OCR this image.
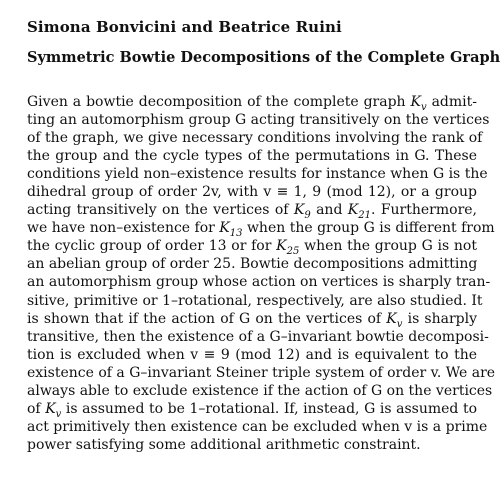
Simona Bonvicini and Beatrice Ruini
Symmetric Bowtie Decompositions of the Complete Graph
Given a bowtie decomposition of the complete graph $K_v$ admit-
ting an automorphism group G acting transitively on the vertices
of the graph, we give necessary conditions involving the rank of
the group and the cycle types of the permutations in G. These
conditions yield non–existence results for instance when G is the
dihedral group of order 2v, with v ≡ 1, 9 (mod 12), or a group
acting transitively on the vertices of $K_9$ and $K_{21}$. Furthermore,
we have non–existence for $K_{13}$ when the group G is different from
the cyclic group of order 13 or for $K_{25}$ when the group G is not
an abelian group of order 25. Bowtie decompositions admitting
an automorphism group whose action on vertices is sharply tran-
sitive, primitive or 1–rotational, respectively, are also studied. It
is shown that if the action of G on the vertices of $K_v$ is sharply
transitive, then the existence of a G–invariant bowtie decomposi-
tion is excluded when v ≡ 9 (mod 12) and is equivalent to the
existence of a G–invariant Steiner triple system of order v. We are
always able to exclude existence if the action of G on the vertices
of $K_v$ is assumed to be 1–rotational. If, instead, G is assumed to
act primitively then existence can be excluded when v is a prime
power satisfying some additional arithmetic constraint.
